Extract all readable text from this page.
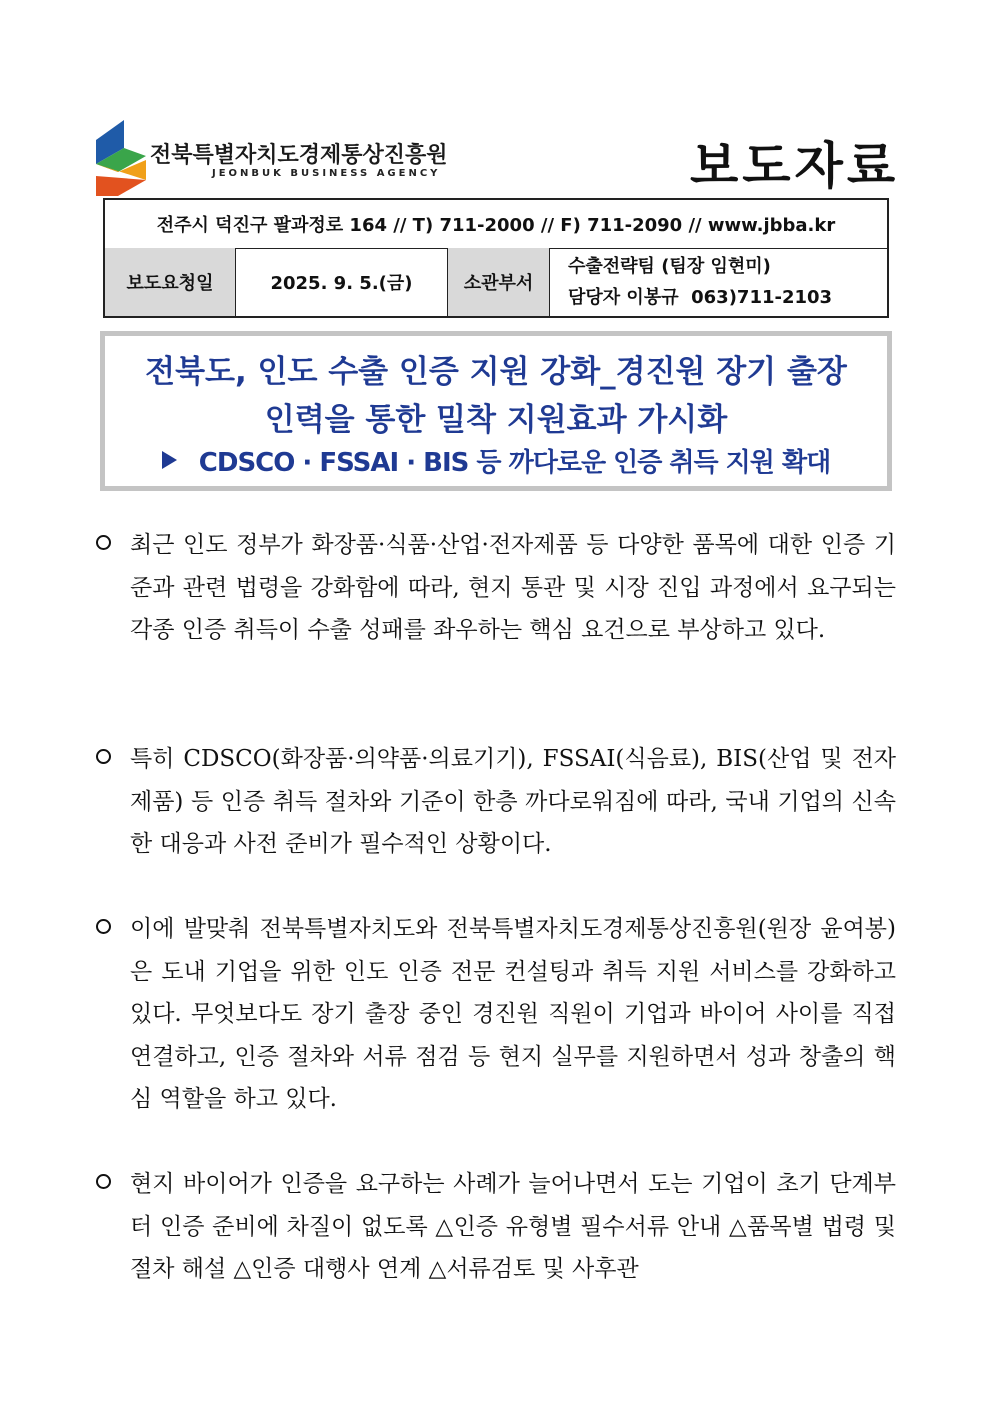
전북특별자치도경제통상진흥원
JEONBUK BUSINESS AGENCY	보도자료
전주시 덕진구 팔과정로 164 // T) 711-2000 // F) 711-2090 // www.jbba.kr
보도요청일	2025. 9. 5.(금)	소관부서
수출전략팀 (팀장 임현미)
담당자 이봉규  063)711-2103
전북도, 인도 수출 인증 지원 강화_경진원 장기 출장
인력을 통한 밀착 지원효과 가시화
CDSCO · FSSAI · BIS 등 까다로운 인증 취득 지원 확대
최근 인도 정부가 화장품·식품·산업·전자제품 등 다양한 품목에 대한 인증 기준과 관련 법령을 강화함에 따라, 현지 통관 및 시장 진입 과정에서 요구되는 각종 인증 취득이 수출 성패를 좌우하는 핵심 요건으로 부상하고 있다.
특히 CDSCO(화장품·의약품·의료기기), FSSAI(식음료), BIS(산업 및 전자제품) 등 인증 취득 절차와 기준이 한층 까다로워짐에 따라, 국내 기업의 신속한 대응과 사전 준비가 필수적인 상황이다.
이에 발맞춰 전북특별자치도와 전북특별자치도경제통상진흥원(원장 윤여봉)은 도내 기업을 위한 인도 인증 전문 컨설팅과 취득 지원 서비스를 강화하고 있다. 무엇보다도 장기 출장 중인 경진원 직원이 기업과 바이어 사이를 직접 연결하고, 인증 절차와 서류 점검 등 현지 실무를 지원하면서 성과 창출의 핵심 역할을 하고 있다.
현지 바이어가 인증을 요구하는 사례가 늘어나면서 도는 기업이 초기 단계부터 인증 준비에 차질이 없도록 △인증 유형별 필수서류 안내 △품목별 법령 및 절차 해설 △인증 대행사 연계 △서류검토 및 사후관
